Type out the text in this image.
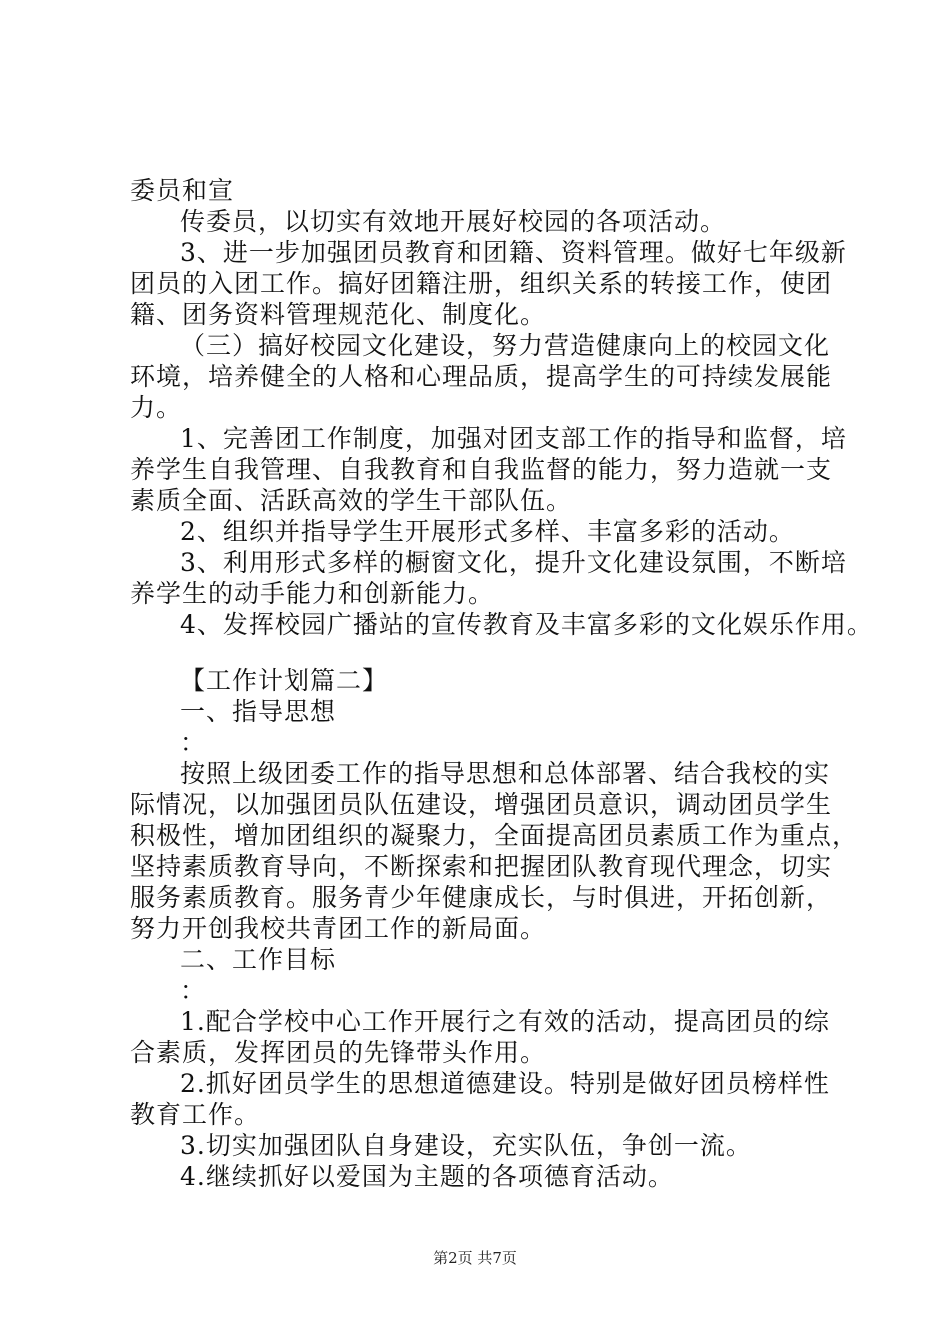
委员和宣
传委员，以切实有效地开展好校园的各项活动。
3、进一步加强团员教育和团籍、资料管理。做好七年级新
团员的入团工作。搞好团籍注册，组织关系的转接工作，使团
籍、团务资料管理规范化、制度化。
（三）搞好校园文化建设，努力营造健康向上的校园文化
环境，培养健全的人格和心理品质，提高学生的可持续发展能
力。
1、完善团工作制度，加强对团支部工作的指导和监督，培
养学生自我管理、自我教育和自我监督的能力，努力造就一支
素质全面、活跃高效的学生干部队伍。
2、组织并指导学生开展形式多样、丰富多彩的活动。
3、利用形式多样的橱窗文化，提升文化建设氛围，不断培
养学生的动手能力和创新能力。
4、发挥校园广播站的宣传教育及丰富多彩的文化娱乐作用。
【工作计划篇二】
一、指导思想
：
按照上级团委工作的指导思想和总体部署、结合我校的实
际情况，以加强团员队伍建设，增强团员意识，调动团员学生
积极性，增加团组织的凝聚力，全面提高团员素质工作为重点，
坚持素质教育导向，不断探索和把握团队教育现代理念，切实
服务素质教育。服务青少年健康成长，与时俱进，开拓创新，
努力开创我校共青团工作的新局面。
二、工作目标
：
1.配合学校中心工作开展行之有效的活动，提高团员的综
合素质，发挥团员的先锋带头作用。
2.抓好团员学生的思想道德建设。特别是做好团员榜样性
教育工作。
3.切实加强团队自身建设，充实队伍，争创一流。
4.继续抓好以爱国为主题的各项德育活动。
第2页 共7页
